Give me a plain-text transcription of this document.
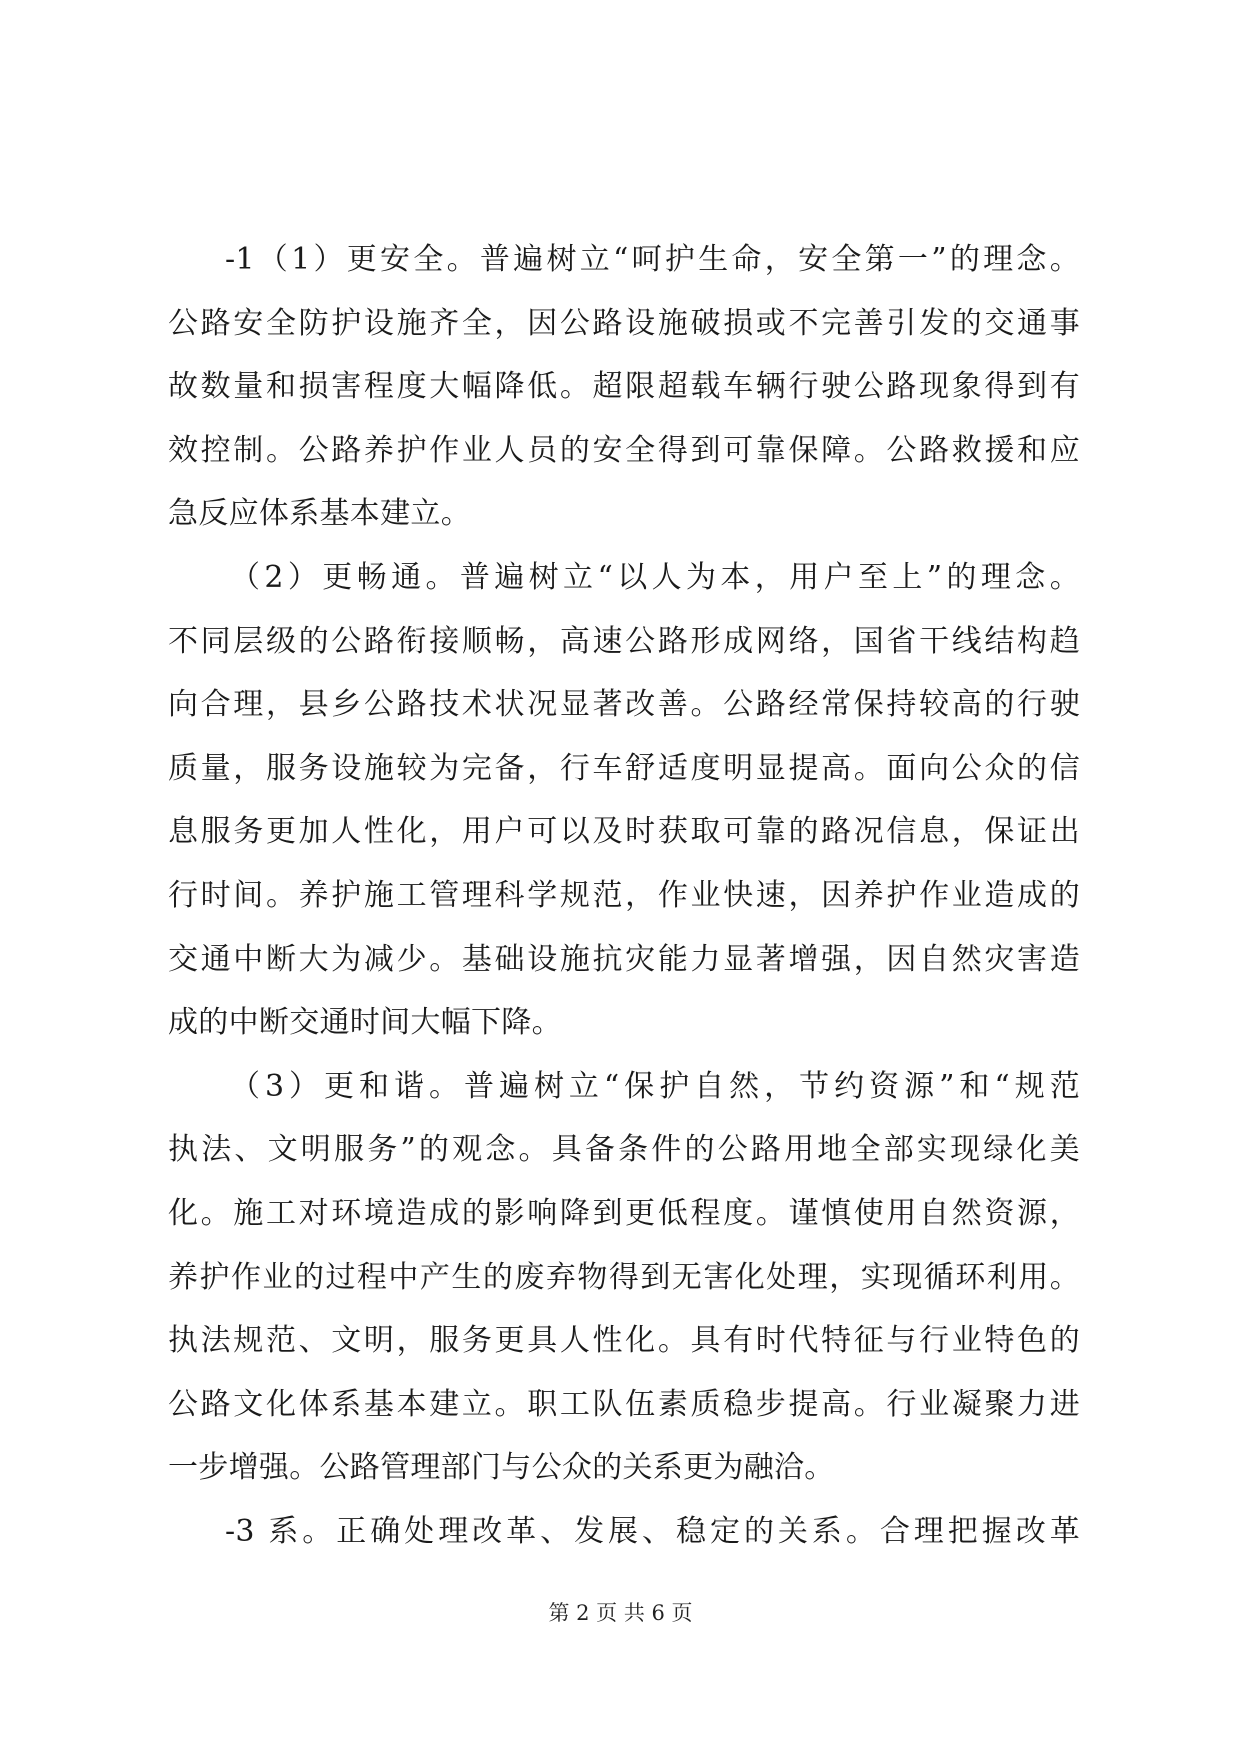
-1（1）更安全。普遍树立“呵护生命，安全第一”的理念。
公路安全防护设施齐全，因公路设施破损或不完善引发的交通事
故数量和损害程度大幅降低。超限超载车辆行驶公路现象得到有
效控制。公路养护作业人员的安全得到可靠保障。公路救援和应
急反应体系基本建立。
（2）更畅通。普遍树立“以人为本，用户至上”的理念。
不同层级的公路衔接顺畅，高速公路形成网络，国省干线结构趋
向合理，县乡公路技术状况显著改善。公路经常保持较高的行驶
质量，服务设施较为完备，行车舒适度明显提高。面向公众的信
息服务更加人性化，用户可以及时获取可靠的路况信息，保证出
行时间。养护施工管理科学规范，作业快速，因养护作业造成的
交通中断大为减少。基础设施抗灾能力显著增强，因自然灾害造
成的中断交通时间大幅下降。
（3）更和谐。普遍树立“保护自然，节约资源”和“规范
执法、文明服务”的观念。具备条件的公路用地全部实现绿化美
化。施工对环境造成的影响降到更低程度。谨慎使用自然资源，
养护作业的过程中产生的废弃物得到无害化处理，实现循环利用。
执法规范、文明，服务更具人性化。具有时代特征与行业特色的
公路文化体系基本建立。职工队伍素质稳步提高。行业凝聚力进
一步增强。公路管理部门与公众的关系更为融洽。
-3 系。正确处理改革、发展、稳定的关系。合理把握改革
第 2 页 共 6 页
